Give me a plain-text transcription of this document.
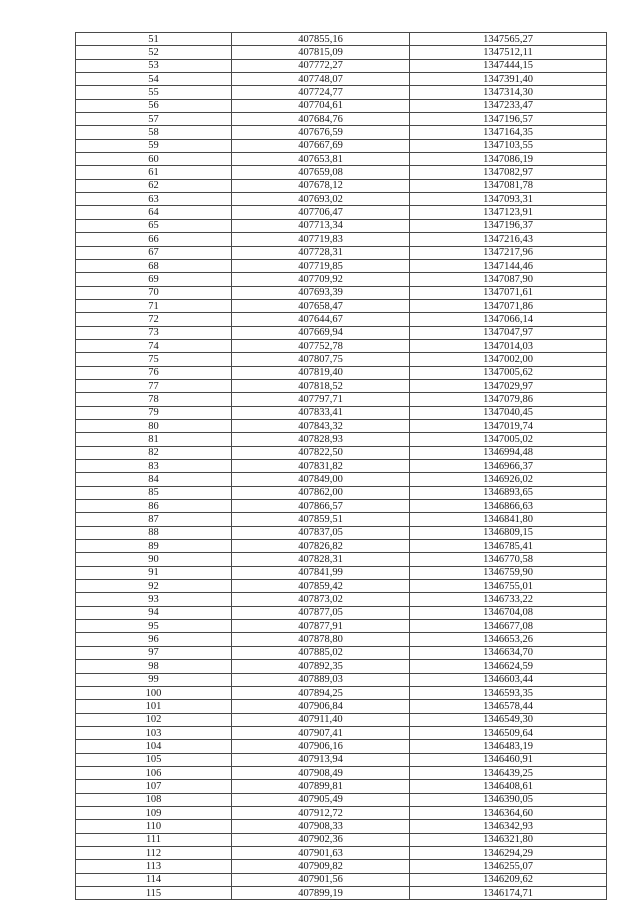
51	407855,16	1347565,27
52	407815,09	1347512,11
53	407772,27	1347444,15
54	407748,07	1347391,40
55	407724,77	1347314,30
56	407704,61	1347233,47
57	407684,76	1347196,57
58	407676,59	1347164,35
59	407667,69	1347103,55
60	407653,81	1347086,19
61	407659,08	1347082,97
62	407678,12	1347081,78
63	407693,02	1347093,31
64	407706,47	1347123,91
65	407713,34	1347196,37
66	407719,83	1347216,43
67	407728,31	1347217,96
68	407719,85	1347144,46
69	407709,92	1347087,90
70	407693,39	1347071,61
71	407658,47	1347071,86
72	407644,67	1347066,14
73	407669,94	1347047,97
74	407752,78	1347014,03
75	407807,75	1347002,00
76	407819,40	1347005,62
77	407818,52	1347029,97
78	407797,71	1347079,86
79	407833,41	1347040,45
80	407843,32	1347019,74
81	407828,93	1347005,02
82	407822,50	1346994,48
83	407831,82	1346966,37
84	407849,00	1346926,02
85	407862,00	1346893,65
86	407866,57	1346866,63
87	407859,51	1346841,80
88	407837,05	1346809,15
89	407826,82	1346785,41
90	407828,31	1346770,58
91	407841,99	1346759,90
92	407859,42	1346755,01
93	407873,02	1346733,22
94	407877,05	1346704,08
95	407877,91	1346677,08
96	407878,80	1346653,26
97	407885,02	1346634,70
98	407892,35	1346624,59
99	407889,03	1346603,44
100	407894,25	1346593,35
101	407906,84	1346578,44
102	407911,40	1346549,30
103	407907,41	1346509,64
104	407906,16	1346483,19
105	407913,94	1346460,91
106	407908,49	1346439,25
107	407899,81	1346408,61
108	407905,49	1346390,05
109	407912,72	1346364,60
110	407908,33	1346342,93
111	407902,36	1346321,80
112	407901,63	1346294,29
113	407909,82	1346255,07
114	407901,56	1346209,62
115	407899,19	1346174,71
